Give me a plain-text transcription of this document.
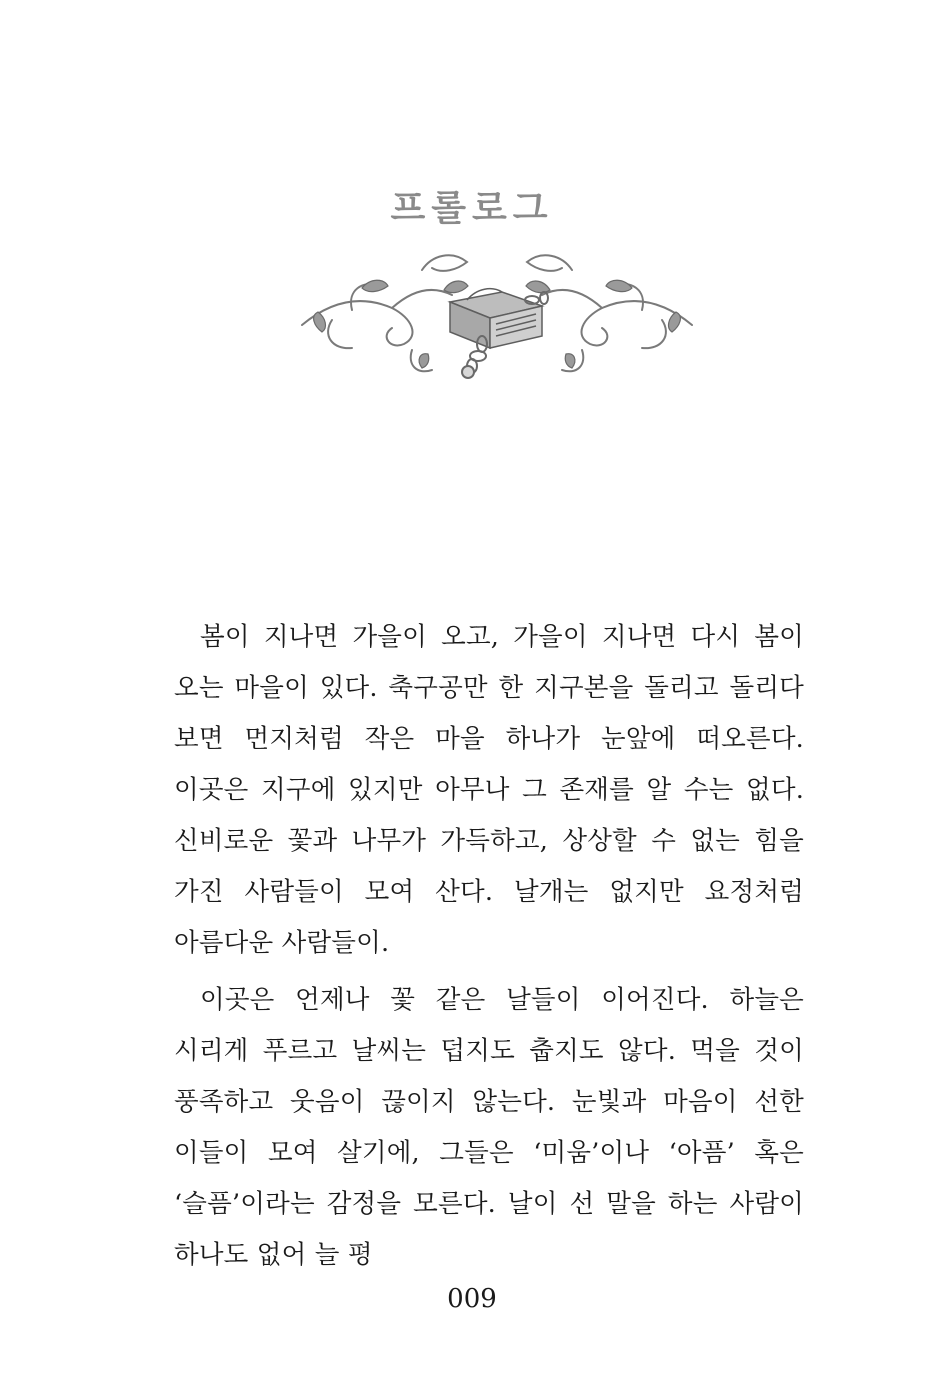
프롤로그

봄이 지나면 가을이 오고, 가을이 지나면 다시 봄이 오는 마을이 있다. 축구공만 한 지구본을 돌리고 돌리다 보면 먼지처럼 작은 마을 하나가 눈앞에 떠오른다. 이곳은 지구에 있지만 아무나 그 존재를 알 수는 없다. 신비로운 꽃과 나무가 가득하고, 상상할 수 없는 힘을 가진 사람들이 모여 산다. 날개는 없지만 요정처럼 아름다운 사람들이.

이곳은 언제나 꽃 같은 날들이 이어진다. 하늘은 시리게 푸르고 날씨는 덥지도 춥지도 않다. 먹을 것이 풍족하고 웃음이 끊이지 않는다. 눈빛과 마음이 선한 이들이 모여 살기에, 그들은 ‘미움’이나 ‘아픔’ 혹은 ‘슬픔’이라는 감정을 모른다. 날이 선 말을 하는 사람이 하나도 없어 늘 평

009
